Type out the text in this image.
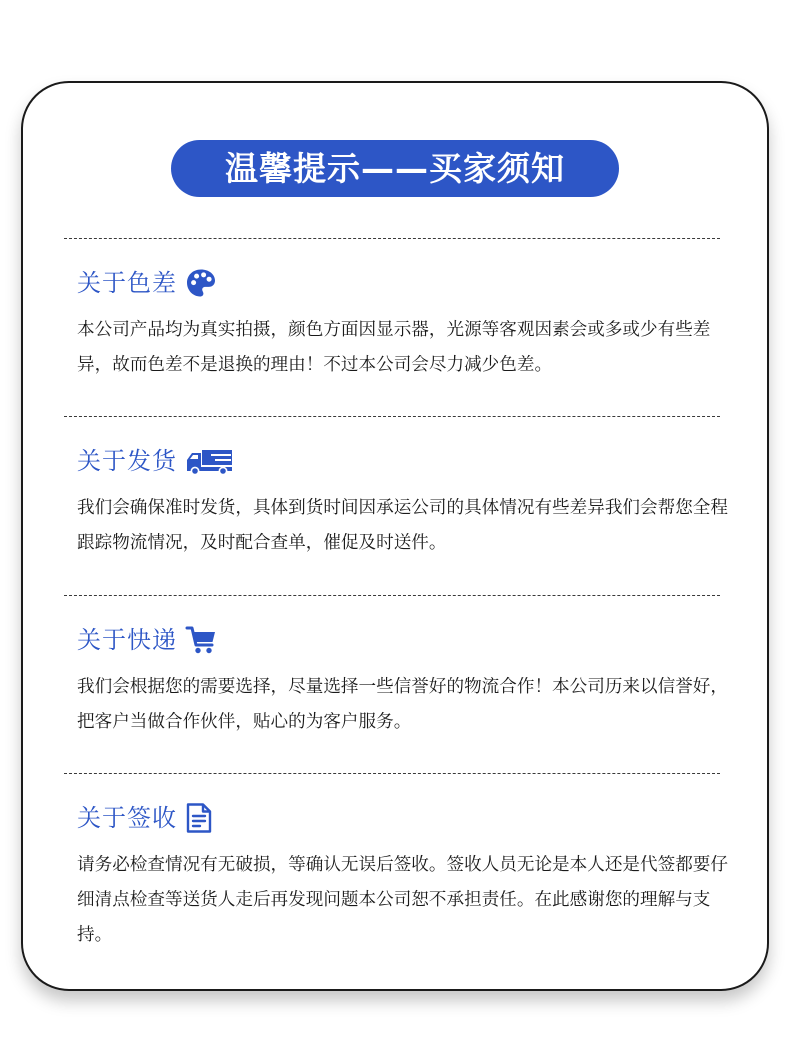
温馨提示——买家须知
关于色差

本公司产品均为真实拍摄，颜色方面因显示器，光源等客观因素会或多或少有些差异，故而色差不是退换的理由！不过本公司会尽力减少色差。

关于发货

我们会确保准时发货，具体到货时间因承运公司的具体情况有些差异我们会帮您全程跟踪物流情况，及时配合查单，催促及时送件。

关于快递

我们会根据您的需要选择，尽量选择一些信誉好的物流合作！本公司历来以信誉好，把客户当做合作伙伴，贴心的为客户服务。

关于签收

请务必检查情况有无破损，等确认无误后签收。签收人员无论是本人还是代签都要仔细清点检查等送货人走后再发现问题本公司恕不承担责任。在此感谢您的理解与支持。
